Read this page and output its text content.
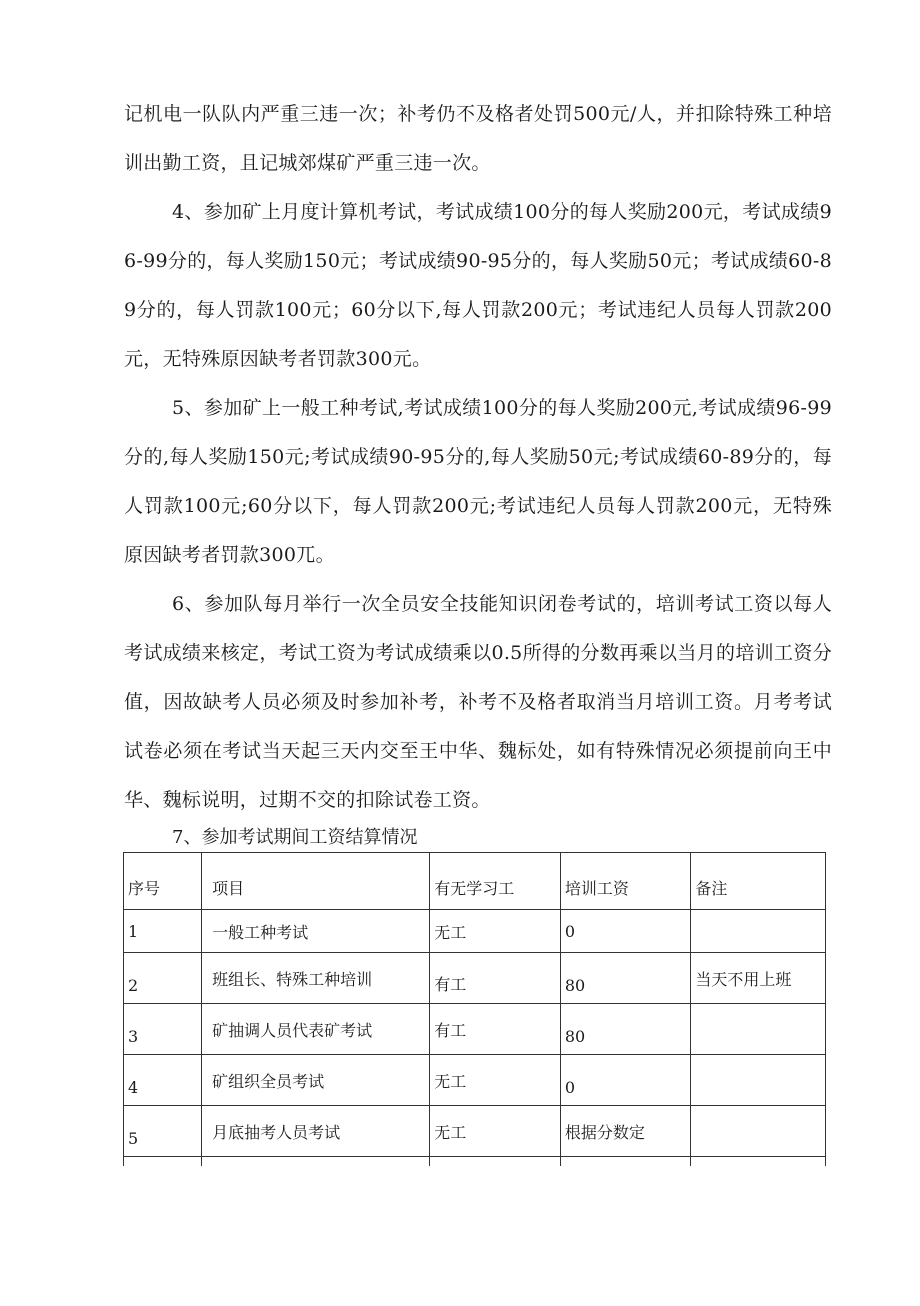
记机电一队队内严重三违一次；补考仍不及格者处罚500元/人，并扣除特殊工种培训出勤工资，且记城郊煤矿严重三违一次。

4、参加矿上月度计算机考试，考试成绩100分的每人奖励200元，考试成绩96-99分的，每人奖励150元；考试成绩90-95分的，每人奖励50元；考试成绩60-89分的，每人罚款100元；60分以下,每人罚款200元；考试违纪人员每人罚款200元，无特殊原因缺考者罚款300元。

5、参加矿上一般工种考试,考试成绩100分的每人奖励200元,考试成绩96-99分的,每人奖励150元;考试成绩90-95分的,每人奖励50元;考试成绩60-89分的，每人罚款100元;60分以下，每人罚款200元;考试违纪人员每人罚款200元，无特殊原因缺考者罚款300兀。

6、参加队每月举行一次全员安全技能知识闭卷考试的，培训考试工资以每人考试成绩来核定，考试工资为考试成绩乘以0.5所得的分数再乘以当月的培训工资分值，因故缺考人员必须及时参加补考，补考不及格者取消当月培训工资。月考考试试卷必须在考试当天起三天内交至王中华、魏标处，如有特殊情况必须提前向王中华、魏标说明，过期不交的扣除试卷工资。

7、参加考试期间工资结算情况

序号	项目	有无学习工	培训工资	备注
1	一般工种考试	无工	0	
2	班组长、特殊工种培训	有工	80	当天不用上班
3	矿抽调人员代表矿考试	有工	80	
4	矿组织全员考试	无工	0	
5	月底抽考人员考试	无工	根据分数定	
